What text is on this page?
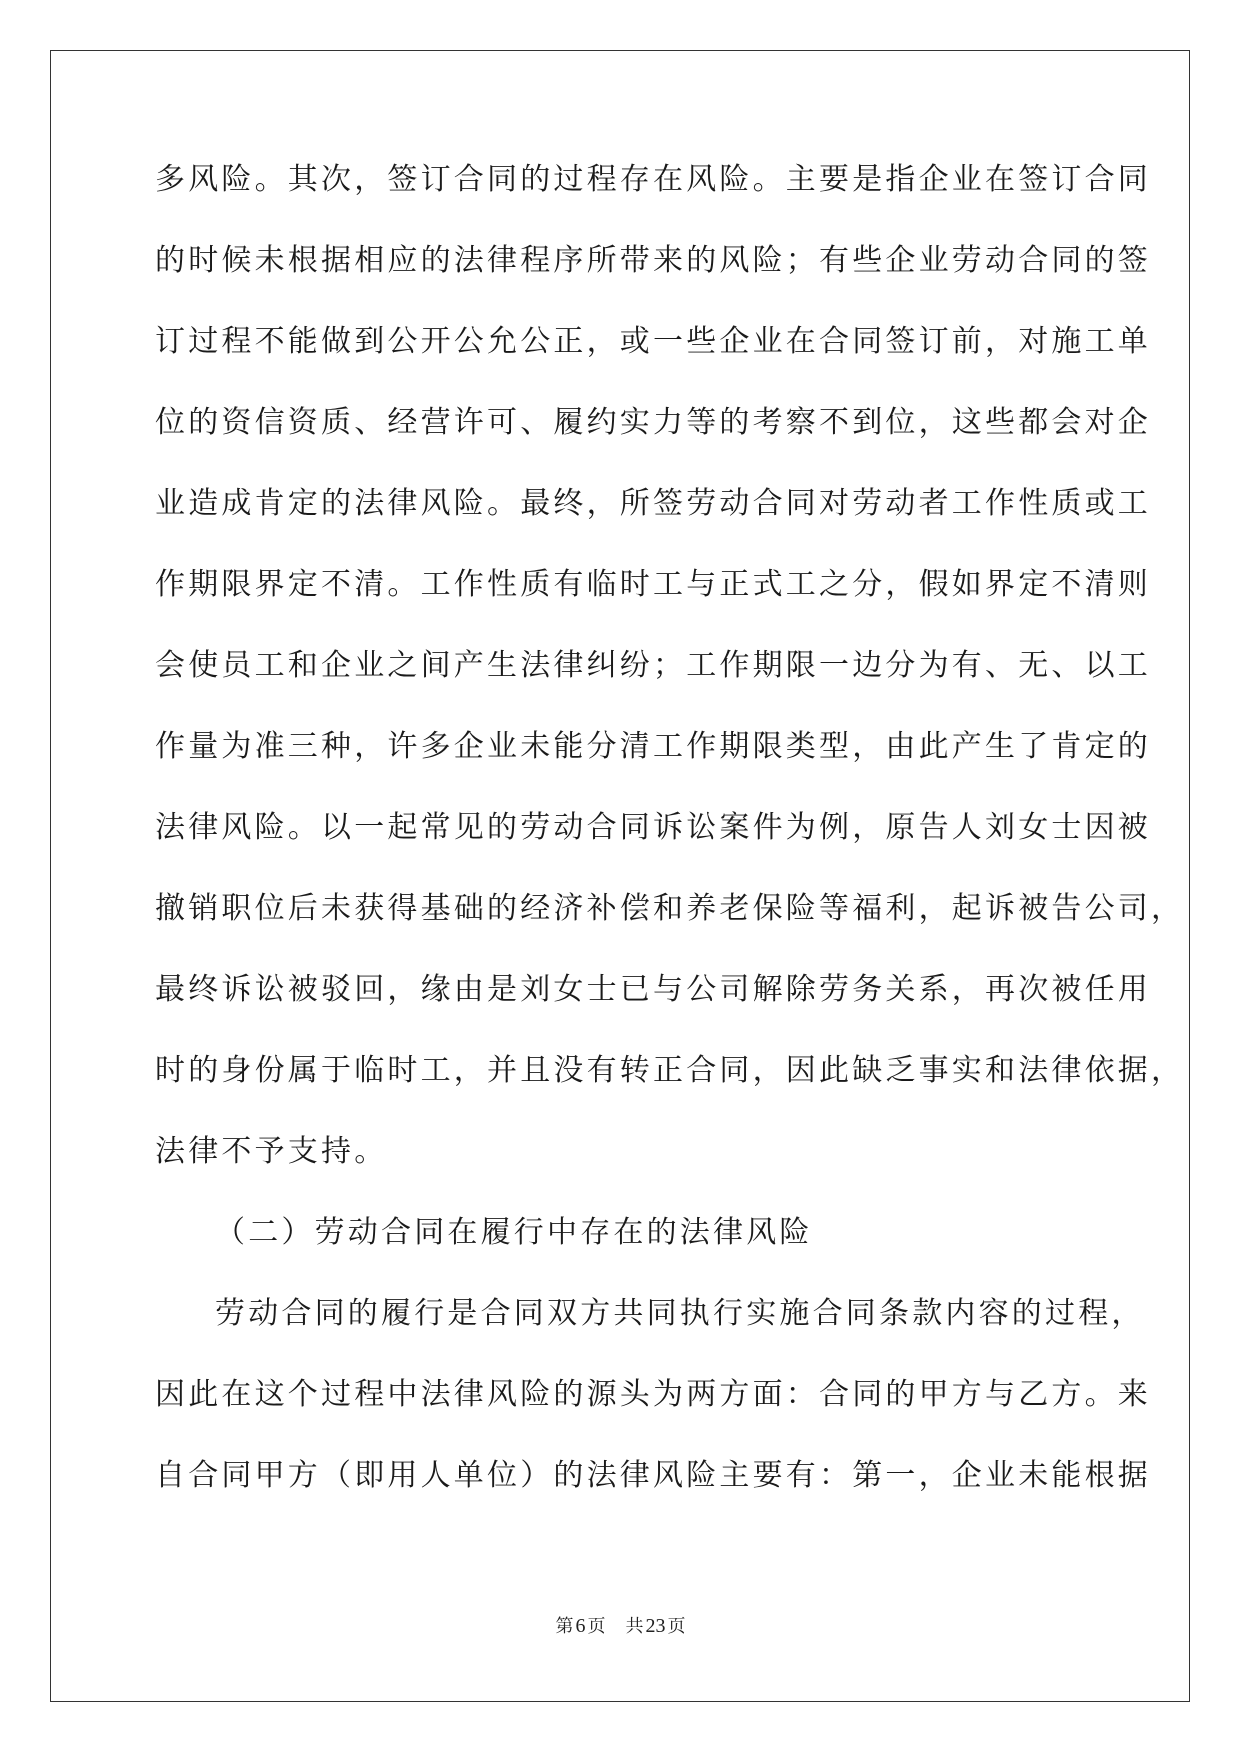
多风险。其次，签订合同的过程存在风险。主要是指企业在签订合同
的时候未根据相应的法律程序所带来的风险；有些企业劳动合同的签
订过程不能做到公开公允公正，或一些企业在合同签订前，对施工单
位的资信资质、经营许可、履约实力等的考察不到位，这些都会对企
业造成肯定的法律风险。最终，所签劳动合同对劳动者工作性质或工
作期限界定不清。工作性质有临时工与正式工之分，假如界定不清则
会使员工和企业之间产生法律纠纷；工作期限一边分为有、无、以工
作量为准三种，许多企业未能分清工作期限类型，由此产生了肯定的
法律风险。以一起常见的劳动合同诉讼案件为例，原告人刘女士因被
撤销职位后未获得基础的经济补偿和养老保险等福利，起诉被告公司，
最终诉讼被驳回，缘由是刘女士已与公司解除劳务关系，再次被任用
时的身份属于临时工，并且没有转正合同，因此缺乏事实和法律依据，
法律不予支持。
（二）劳动合同在履行中存在的法律风险
劳动合同的履行是合同双方共同执行实施合同条款内容的过程，
因此在这个过程中法律风险的源头为两方面：合同的甲方与乙方。来
自合同甲方（即用人单位）的法律风险主要有：第一，企业未能根据
第 6 页 共 23 页
